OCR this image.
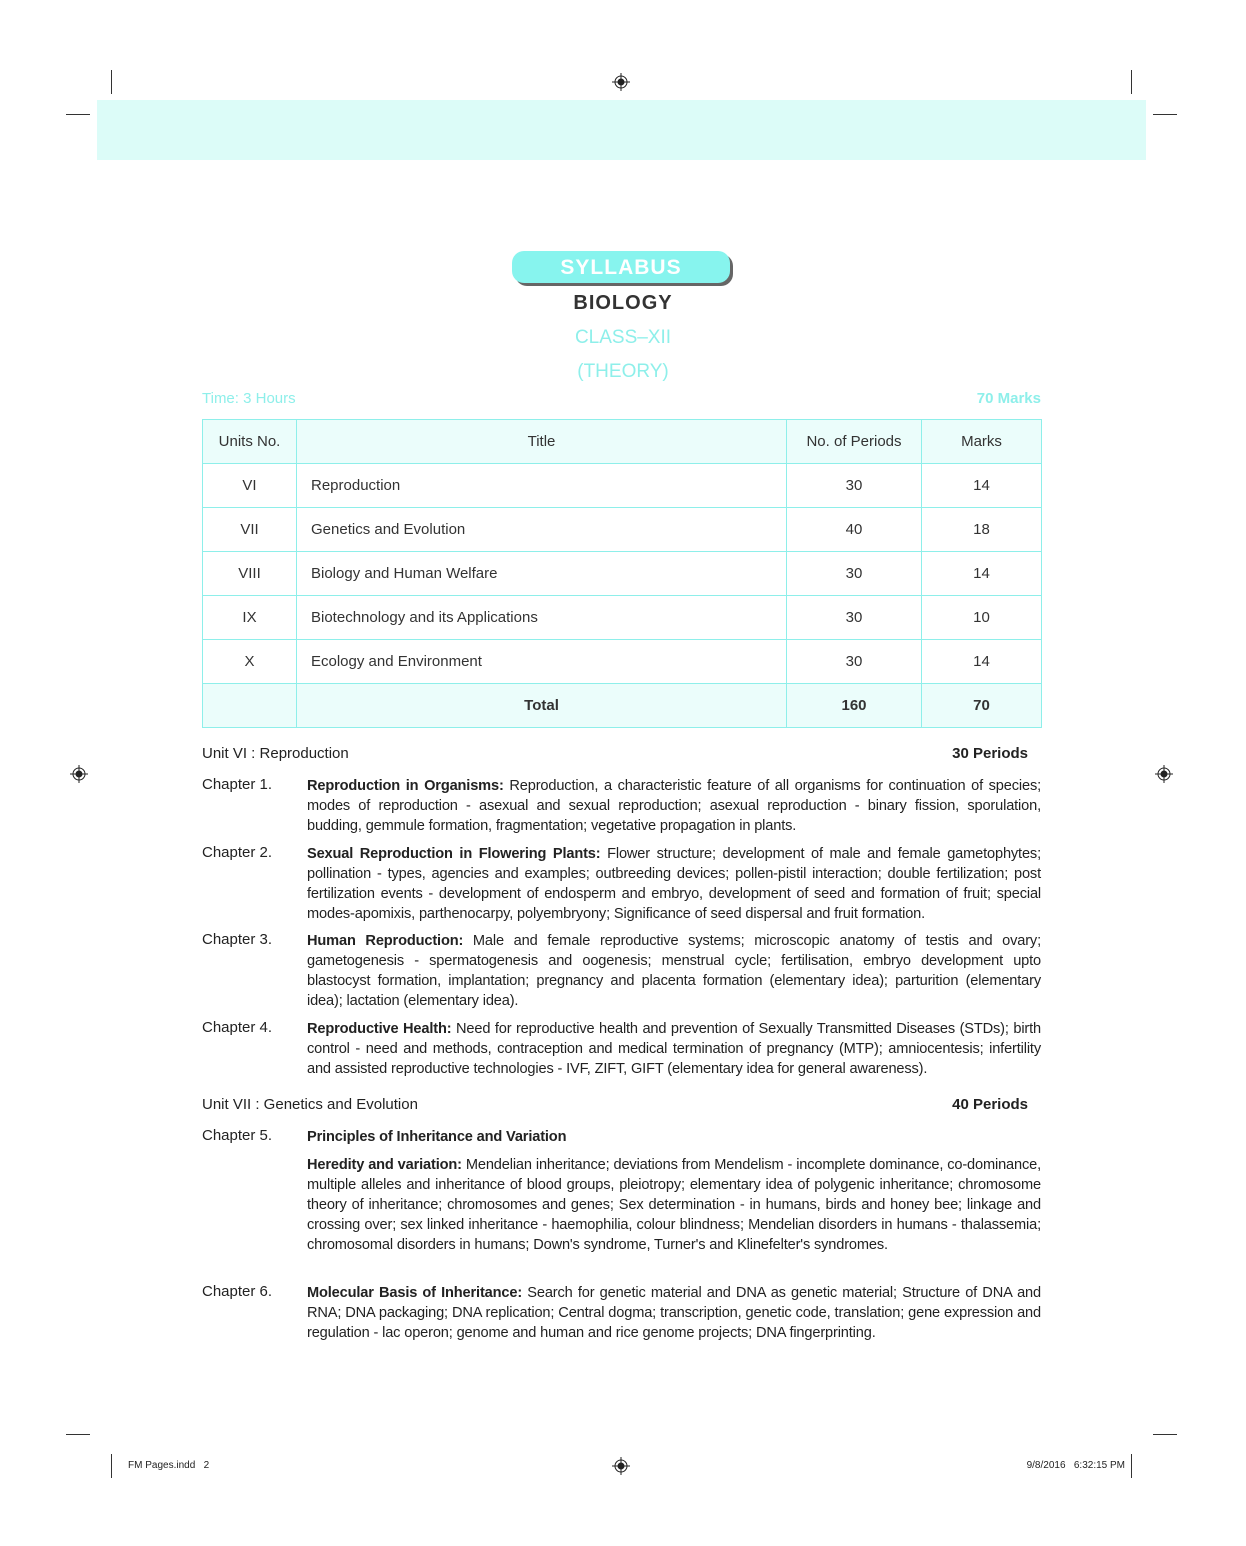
SYLLABUS
BIOLOGY
CLASS–XII
(THEORY)
Time: 3 Hours	70 Marks
Units No.	Title	No. of Periods	Marks
VI	Reproduction	30	14
VII	Genetics and Evolution	40	18
VIII	Biology and Human Welfare	30	14
IX	Biotechnology and its Applications	30	10
X	Ecology and Environment	30	14
	Total	160	70
Unit VI : Reproduction	30 Periods
Chapter 1. Reproduction in Organisms: Reproduction, a characteristic feature of all organisms for continuation of species; modes of reproduction - asexual and sexual reproduction; asexual reproduction - binary fission, sporulation, budding, gemmule formation, fragmentation; vegetative propagation in plants.
Chapter 2. Sexual Reproduction in Flowering Plants: Flower structure; development of male and female gametophytes; pollination - types, agencies and examples; outbreeding devices; pollen-pistil interaction; double fertilization; post fertilization events - development of endosperm and embryo, development of seed and formation of fruit; special modes-apomixis, parthenocarpy, polyembryony; Significance of seed dispersal and fruit formation.
Chapter 3. Human Reproduction: Male and female reproductive systems; microscopic anatomy of testis and ovary; gametogenesis - spermatogenesis and oogenesis; menstrual cycle; fertilisation, embryo development upto blastocyst formation, implantation; pregnancy and placenta formation (elementary idea); parturition (elementary idea); lactation (elementary idea).
Chapter 4. Reproductive Health: Need for reproductive health and prevention of Sexually Transmitted Diseases (STDs); birth control - need and methods, contraception and medical termination of pregnancy (MTP); amniocentesis; infertility and assisted reproductive technologies - IVF, ZIFT, GIFT (elementary idea for general awareness).
Unit VII : Genetics and Evolution	40 Periods
Chapter 5. Principles of Inheritance and Variation
Heredity and variation: Mendelian inheritance; deviations from Mendelism - incomplete dominance, co-dominance, multiple alleles and inheritance of blood groups, pleiotropy; elementary idea of polygenic inheritance; chromosome theory of inheritance; chromosomes and genes; Sex determination - in humans, birds and honey bee; linkage and crossing over; sex linked inheritance - haemophilia, colour blindness; Mendelian disorders in humans - thalassemia; chromosomal disorders in humans; Down's syndrome, Turner's and Klinefelter's syndromes.
Chapter 6. Molecular Basis of Inheritance: Search for genetic material and DNA as genetic material; Structure of DNA and RNA; DNA packaging; DNA replication; Central dogma; transcription, genetic code, translation; gene expression and regulation - lac operon; genome and human and rice genome projects; DNA fingerprinting.
FM Pages.indd   2	9/8/2016   6:32:15 PM
